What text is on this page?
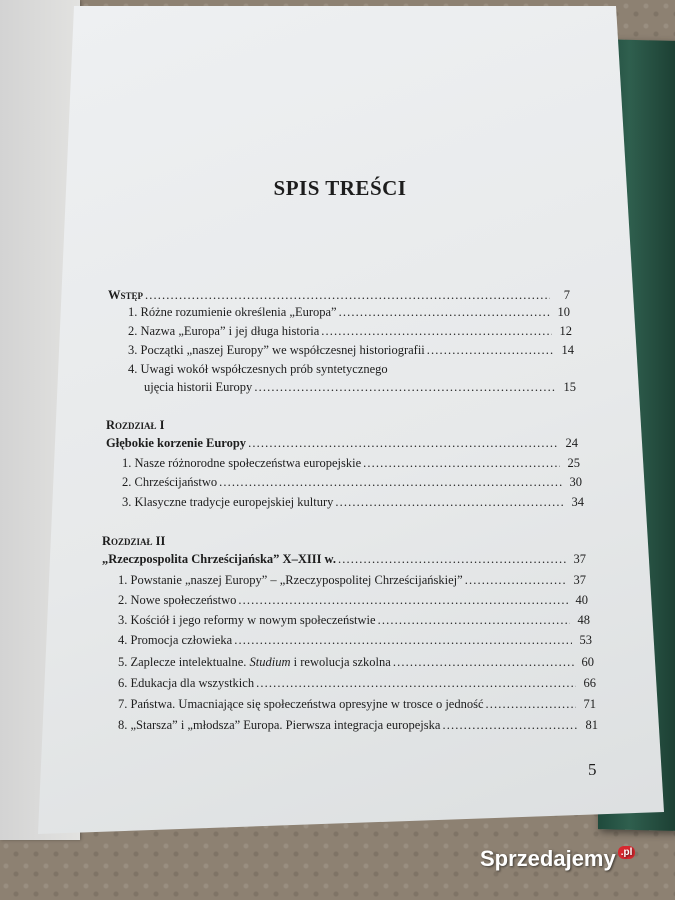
SPIS TREŚCI
Wstęp . . .	7
1. Różne rozumienie określenia „Europa” . . .	10
2. Nazwa „Europa” i jej długa historia . . .	12
3. Początki „naszej Europy” we współczesnej historiografii . . .	14
4. Uwagi wokół współczesnych prób syntetycznego
ujęcia historii Europy . . .	15
Rozdział I
Głębokie korzenie Europy . . .	24
1. Nasze różnorodne społeczeństwa europejskie . . .	25
2. Chrześcijaństwo . . .	30
3. Klasyczne tradycje europejskiej kultury . . .	34
Rozdział II
„Rzeczpospolita Chrześcijańska” X–XIII w. . . .	37
1. Powstanie „naszej Europy” – „Rzeczypospolitej Chrześcijańskiej” . . .	37
2. Nowe społeczeństwo . . .	40
3. Kościół i jego reformy w nowym społeczeństwie . . .	48
4. Promocja człowieka . . .	53
5. Zaplecze intelektualne. Studium i rewolucja szkolna . . .	60
6. Edukacja dla wszystkich . . .	66
7. Państwa. Umacniające się społeczeństwa opresyjne w trosce o jedność . . .	71
8. „Starsza” i „młodsza” Europa. Pierwsza integracja europejska . . .	81
5
Sprzedajemy .pl
